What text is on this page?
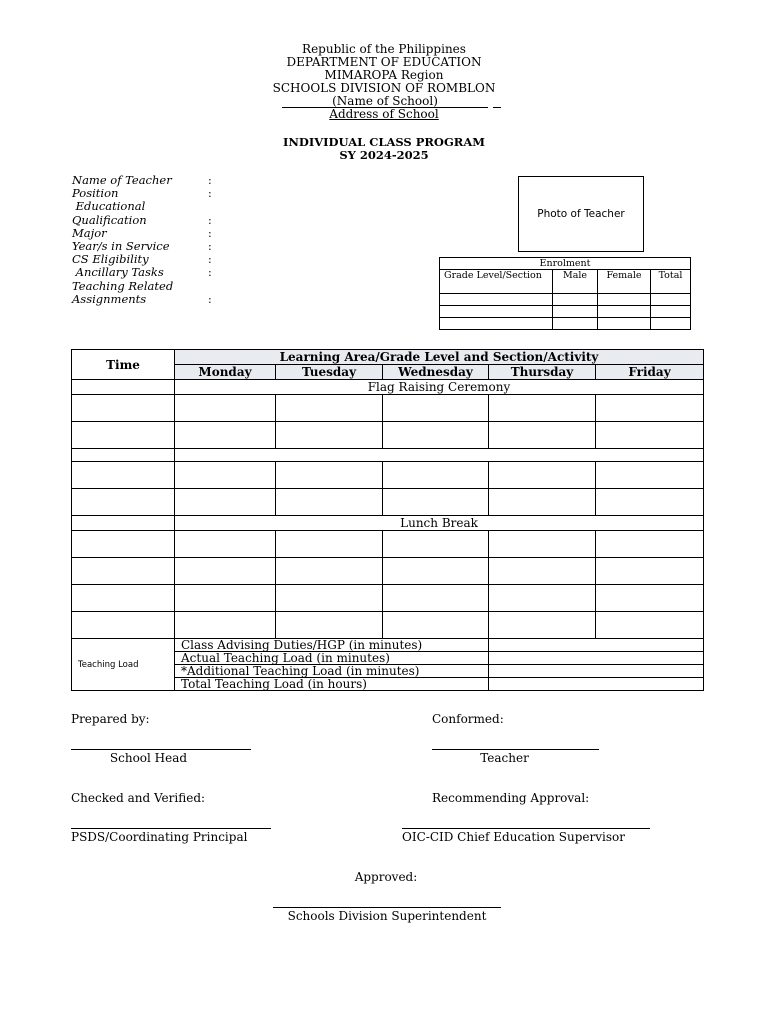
Republic of the Philippines
DEPARTMENT OF EDUCATION
MIMAROPA Region
SCHOOLS DIVISION OF ROMBLON
(Name of School)
Address of School
INDIVIDUAL CLASS PROGRAM
SY 2024-2025
Name of Teacher	:
Position	:
Educational
Qualification	:
Major	:
Year/s in Service	:
CS Eligibility	:
Ancillary Tasks	:
Teaching Related
Assignments	:
Photo of Teacher
Enrolment			
Grade Level/Section	Male	Female	Total

Time	Learning Area/Grade Level and Section/Activity				
	Monday	Tuesday	Wednesday	Thursday	Friday
	Flag Raising Ceremony				

	Lunch Break				

Teaching Load	Class Advising Duties/HGP (in minutes)				
	Actual Teaching Load (in minutes)				
	*Additional Teaching Load (in minutes)				
	Total Teaching Load (in hours)				
Prepared by:	Conformed:
School Head	Teacher
Checked and Verified:	Recommending Approval:
PSDS/Coordinating Principal	OIC-CID Chief Education Supervisor
Approved:
Schools Division Superintendent
